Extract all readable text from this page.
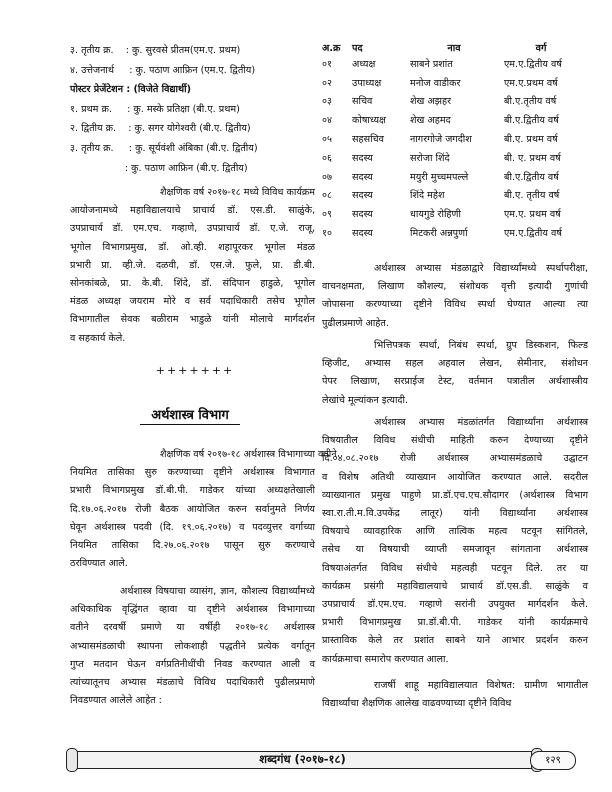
३. तृतीय क्र.    : कु. सुरवसे प्रीतम(एम.ए. प्रथम)
४. उत्तेजनार्थ     : कु. पठाण आफ्रिन (एम.ए. द्वितीय)
पोस्टर प्रेजेंटेशन : (विजेते विद्यार्थी)
१. प्रथम क्र.     : कु. मस्के प्रतिक्षा (बी.ए. प्रथम)
२. द्वितीय क्र.    : कु. सगर योगेश्वरी (बी.ए. द्वितीय)
३. तृतीय क्र.     : कु. सूर्यवंशी अंबिका (बी.ए. द्वितीय)
: कु. पठाण आफ्रिन (बी.ए. द्वितीय)
शैक्षणिक वर्ष २०१७-१८ मध्ये विविध कार्यक्रम
आयोजनामध्ये महाविद्यालयाचे प्राचार्य डॉ. एस.डी. साळुंके,
उपप्राचार्य डॉ. एम.एच. गव्हाणे, उपप्राचार्य डॉ. ए.जे. राजू,
भूगोल विभागप्रमुख, डॉ. ओ.व्ही. शहापूरकर भूगोल मंडळ
प्रभारी प्रा. व्ही.जे. दळवी, डॉ. एस.जे. फुले, प्रा. डी.बी.
सोनकांबळे, प्रा. के.बी. शिंदे, डॉ. संदिपान हाडुळे, भूगोल
मंडळ अध्यक्ष जयराम मोरे व सर्व पदाधिकारी तसेच भूगोल
विभागातील सेवक बळीराम भाडुळे यांनी मोलाचे मार्गदर्शन
व सहकार्य केले.
+++++++
अर्थशास्त्र विभाग
शैक्षणिक वर्ष २०१७-१८ अर्थशास्त्र विभागाच्या वतीने
नियमित तासिका सुरु करण्याच्या दृष्टीने अर्थशास्त्र विभागात
प्रभारी विभागप्रमुख डॉ.बी.पी. गाडेकर यांच्या अध्यक्षतेखाली
दि.१७.०६.२०१७ रोजी बैठक आयोजित करुन सर्वानुमते निर्णय
घेवून अर्थशास्त्र पदवी (दि. १९.०६.२०१७) व पदव्युत्तर वर्गाच्या
नियमित तासिका दि.२७.०६.२०१७ पासून सुरु करण्याचे
ठरविण्यात आले.
अर्थशास्त्र विषयाचा व्यासंग, ज्ञान, कौशल्य विद्यार्थ्यांमध्ये
अधिकाधिक वृद्धिंगत व्हावा या दृष्टीने अर्थशास्त्र विभागाच्या
वतीने दरवर्षी प्रमाणे या वर्षीही २०१७-१८ अर्थशास्त्र
अभ्यासमंडळाची स्थापना लोकशाही पद्धतीने प्रत्येक वर्गातून
गुप्त मतदान घेऊन वर्गप्रतिनीधींची निवड करण्यात आली व
त्यांच्यातूनच अभ्यास मंडळाचे विविध पदाधिकारी पुढीलप्रमाणे
निवडण्यात आलेले आहेत :
अ.क्र	पद	नाव	वर्ग
०१	अध्यक्ष	साबने प्रशांत	एम.ए.द्वितीय वर्ष
०२	उपाध्यक्ष	मनोज वाडीकर	एम.ए.प्रथम वर्ष
०३	सचिव	शेख अझहर	बी.ए.तृतीय वर्ष
०४	कोषाध्यक्ष	शेख अहमद	बी.ए.द्वितीय वर्ष
०५	सहसचिव	नागरगोजे जगदीश	बी.ए. प्रथम वर्ष
०६	सदस्य	सरोजा शिंदे	बी. ए. प्रथम वर्ष
०७	सदस्य	मयुरी मुच्चमपल्ले	बी.ए.द्वितीय वर्ष
०८	सदस्य	शिंदे महेश	बी.ए. तृतीय वर्ष
०९	सदस्य	धायगुडे रोहिणी	एम.ए. प्रथम वर्ष
१०	सदस्य	मिटकरी अन्नपुर्णा	एम.ए.द्वितीय वर्ष
अर्थशास्त्र अभ्यास मंडळाद्वारे विद्यार्थ्यांमध्ये स्पर्धापरीक्षा,
वाचनक्षमता, लिखाण कौशल्य, संशोधक वृत्ती इत्यादी गुणांची
जोपासना करण्याच्या दृष्टीने विविध स्पर्धा घेण्यात आल्या त्या
पुढीलप्रमाणे आहेत.
भित्तिपत्रक स्पर्धा, निबंध स्पर्धा, ग्रुप डिस्कशन, फिल्ड
व्हिजीट, अभ्यास सहल अहवाल लेखन, सेमीनार, संशोधन
पेपर लिखाण, सरप्राईज टेस्ट, वर्तमान पत्रातील अर्थशास्त्रीय
लेखांचे मूल्यांकन इत्यादी.
अर्थशास्त्र अभ्यास मंडळांतर्गत विद्यार्थ्यांना अर्थशास्त्र
विषयातील विविध संधीची माहिती करुन देण्याच्या दृष्टीने
दि.०४.०८.२०१७ रोजी अर्थशास्त्र अभ्यासमंडळाचे उद्घाटन
व विशेष अतिथी व्याख्यान आयोजित करण्यात आले. सदरील
व्याख्यानात प्रमुख पाहुणे प्रा.डॉ.एच.एच.सौदागर (अर्थशास्त्र विभाग
स्वा.रा.ती.म.वि.उपकेंद्र लातूर) यांनी विद्यार्थ्यांना अर्थशास्त्र
विषयाचे व्यावहारिक आणि तात्विक महत्व पटवून सांगितले,
तसेच या विषयाची व्याप्ती समजावून सांगताना अर्थशास्त्र
विषयाअंतर्गत विविध संधीचे महत्वही पटवून दिले. तर या
कार्यक्रम प्रसंगी महाविद्यालयाचे प्राचार्य डॉ.एस.डी. साळुंके व
उपप्राचार्य डॉ.एम.एच. गव्हाणे सरांनी उपयुक्त मार्गदर्शन केले.
प्रभारी विभागप्रमुख प्रा.डॉ.बी.पी. गाडेकर यांनी कार्यक्रमाचे
प्रास्ताविक केले तर प्रशांत साबने याने आभार प्रदर्शन करुन
कार्यक्रमाचा समारोप करण्यात आला.
राजर्षी शाहू महाविद्यालयात विशेषत: ग्रामीण भागातील
विद्यार्थ्यांचा शैक्षणिक आलेख वाढवण्याच्या दृष्टीने विविध
शब्दगंध (२०१७-१८)	१२९
